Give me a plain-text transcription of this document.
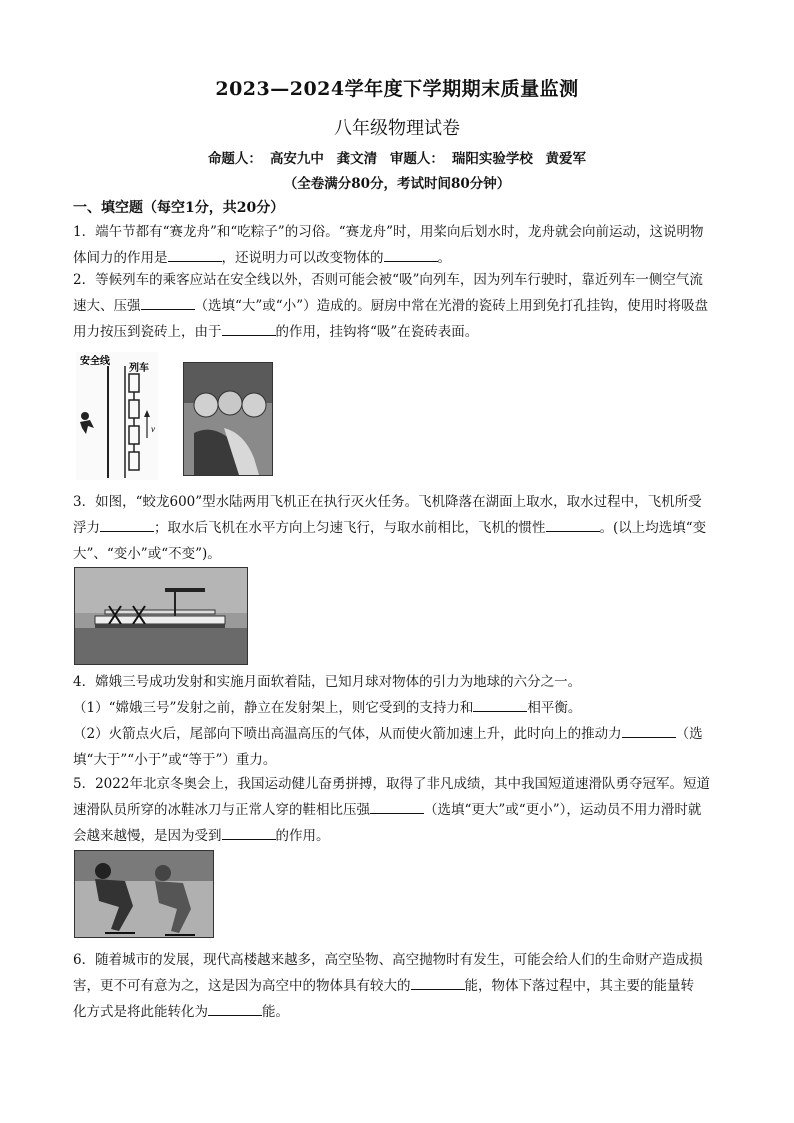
2023—2024学年度下学期期末质量监测
八年级物理试卷
命题人： 高安九中 龚文清 审题人： 瑞阳实验学校 黄爱军
（全卷满分80分，考试时间80分钟）
一、填空题（每空1分，共20分）
1．端午节都有“赛龙舟”和“吃粽子”的习俗。“赛龙舟”时，用桨向后划水时，龙舟就会向前运动，这说明物
体间力的作用是	，还说明力可以改变物体的	。
2．等候列车的乘客应站在安全线以外，否则可能会被“吸”向列车，因为列车行驶时，靠近列车一侧空气流
速大、压强	（选填“大”或“小”）造成的。厨房中常在光滑的瓷砖上用到免打孔挂钩，使用时将吸盘
用力按压到瓷砖上，由于	的作用，挂钩将“吸”在瓷砖表面。
安全线
列车
v
3．如图，“蛟龙600”型水陆两用飞机正在执行灭火任务。飞机降落在湖面上取水，取水过程中，飞机所受
浮力	；取水后飞机在水平方向上匀速飞行，与取水前相比，飞机的惯性	。(以上均选填“变
大”、“变小”或“不变”)。
4．嫦娥三号成功发射和实施月面软着陆，已知月球对物体的引力为地球的六分之一。
（1）“嫦娥三号”发射之前，静立在发射架上，则它受到的支持力和	相平衡。
（2）火箭点火后，尾部向下喷出高温高压的气体，从而使火箭加速上升，此时向上的推动力	（选
填“大于”“小于”或“等于”）重力。
5．2022年北京冬奥会上，我国运动健儿奋勇拼搏，取得了非凡成绩，其中我国短道速滑队勇夺冠军。短道
速滑队员所穿的冰鞋冰刀与正常人穿的鞋相比压强	（选填“更大”或“更小”），运动员不用力滑时就
会越来越慢，是因为受到	的作用。
6．随着城市的发展，现代高楼越来越多，高空坠物、高空抛物时有发生，可能会给人们的生命财产造成损
害，更不可有意为之，这是因为高空中的物体具有较大的	能，物体下落过程中，其主要的能量转
化方式是将此能转化为	能。
